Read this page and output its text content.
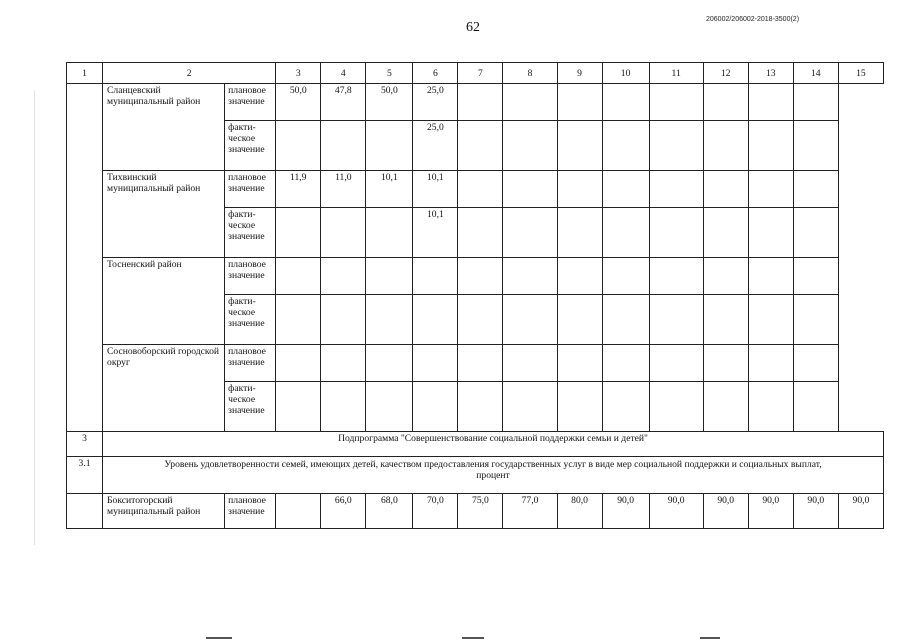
62
206002/206002-2018-3500(2)
1	2		3	4	5	6	7	8	9	10	11	12	13	14	15
	Сланцевский муниципальный район	плановое значение	50,0	47,8	50,0	25,0									
		факти-ческое значение				25,0									
	Тихвинский муниципальный район	плановое значение	11,9	11,0	10,1	10,1									
		факти-ческое значение				10,1									
	Тосненский район	плановое значение													
		факти-ческое значение													
	Сосновоборский городской округ	плановое значение													
		факти-ческое значение													
3	Подпрограмма "Совершенствование социальной поддержки семьи и детей"														
3.1	Уровень удовлетворенности семей, имеющих детей, качеством предоставления государственных услуг в виде мер социальной поддержки и социальных выплат, процент														
	Бокситогорский муниципальный район	плановое значение		66,0	68,0	70,0	75,0	77,0	80,0	90,0	90,0	90,0	90,0	90,0	90,0
